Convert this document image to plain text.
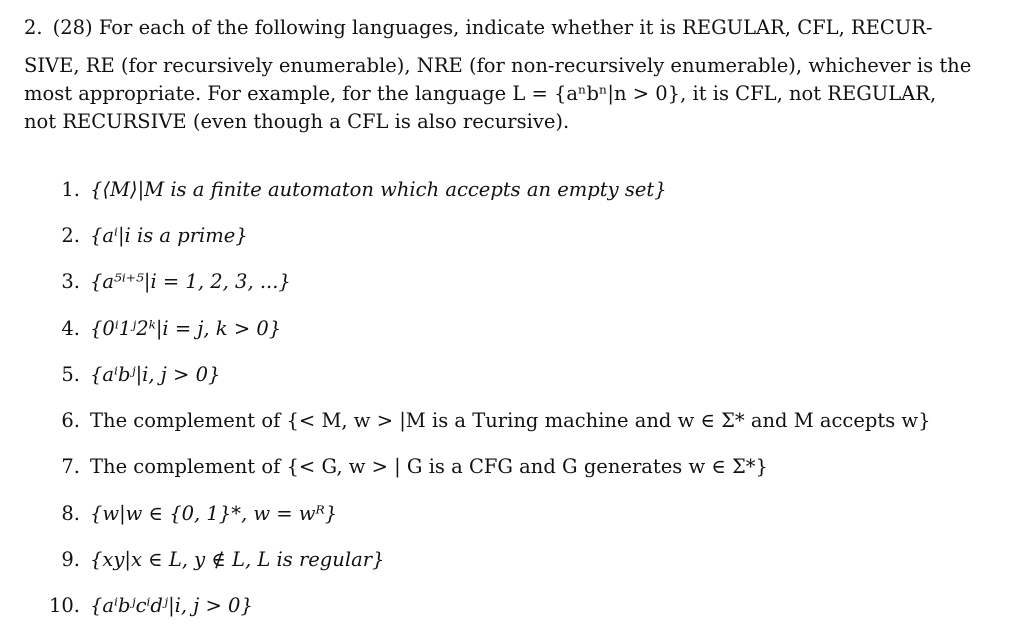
2. (28) For each of the following languages, indicate whether it is REGULAR, CFL, RECUR-
SIVE, RE (for recursively enumerable), NRE (for non-recursively enumerable), whichever is the
most appropriate. For example, for the language L = {aⁿbⁿ|n > 0}, it is CFL, not REGULAR,
not RECURSIVE (even though a CFL is also recursive).
1. {⟨M⟩|M is a finite automaton which accepts an empty set}
2. {aⁱ|i is a prime}
3. {a⁵ⁱ⁺⁵|i = 1, 2, 3, ...}
4. {0ⁱ1ʲ2ᵏ|i = j, k > 0}
5. {aⁱbʲ|i, j > 0}
6. The complement of {< M, w > |M is a Turing machine and w ∈ Σ* and M accepts w}
7. The complement of {< G, w > | G is a CFG and G generates w ∈ Σ*}
8. {w|w ∈ {0, 1}*, w = wᴿ}
9. {xy|x ∈ L, y ∉ L, L is regular}
10. {aⁱbʲcⁱdʲ|i, j > 0}
